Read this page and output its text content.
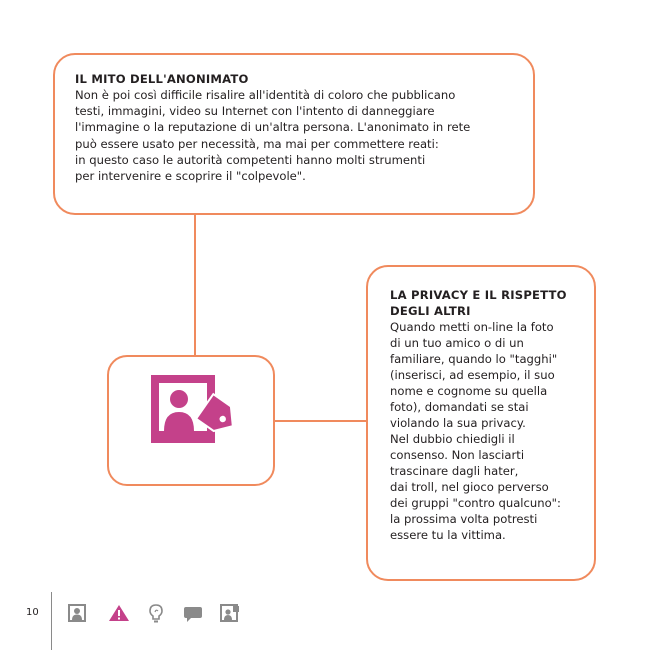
IL MITO DELL'ANONIMATO

Non è poi così difficile risalire all'identità di coloro che pubblicano

testi, immagini, video su Internet con l'intento di danneggiare

l'immagine o la reputazione di un'altra persona. L'anonimato in rete

può essere usato per necessità, ma mai per commettere reati:

in questo caso le autorità competenti hanno molti strumenti

per intervenire e scoprire il "colpevole".

LA PRIVACY E IL RISPETTO

DEGLI ALTRI

Quando metti on-line la foto

di un tuo amico o di un

familiare, quando lo "tagghi"

(inserisci, ad esempio, il suo

nome e cognome su quella

foto), domandati se stai

violando la sua privacy.

Nel dubbio chiedigli il

consenso. Non lasciarti

trascinare dagli hater,

dai troll, nel gioco perverso

dei gruppi "contro qualcuno":

la prossima volta potresti

essere tu la vittima.

10
